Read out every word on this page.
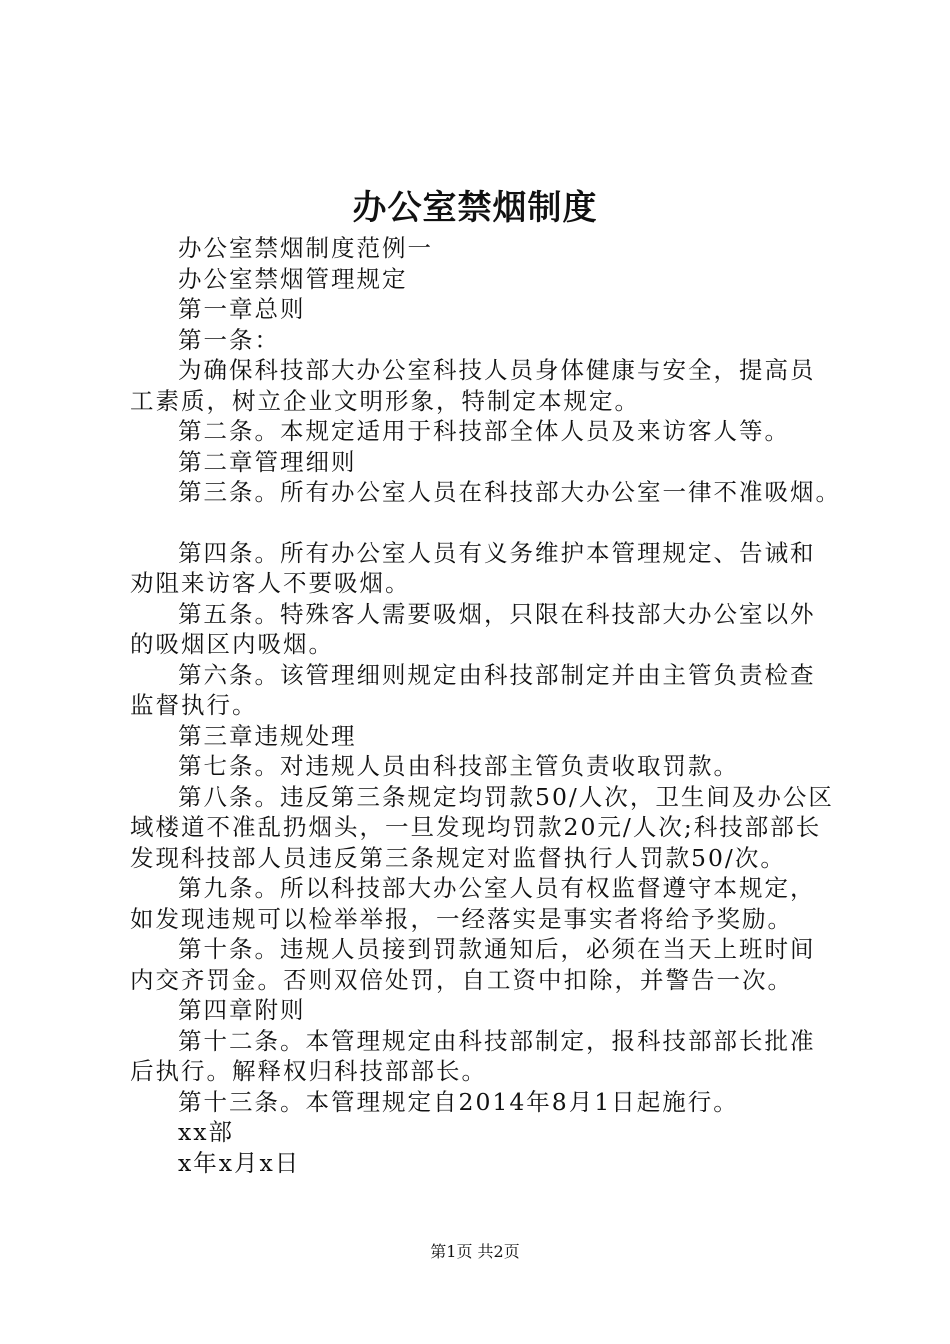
办公室禁烟制度

办公室禁烟制度范例一

办公室禁烟管理规定

第一章总则

第一条：

为确保科技部大办公室科技人员身体健康与安全，提高员工素质，树立企业文明形象，特制定本规定。

第二条。本规定适用于科技部全体人员及来访客人等。

第二章管理细则

第三条。所有办公室人员在科技部大办公室一律不准吸烟。

第四条。所有办公室人员有义务维护本管理规定、告诫和劝阻来访客人不要吸烟。

第五条。特殊客人需要吸烟，只限在科技部大办公室以外的吸烟区内吸烟。

第六条。该管理细则规定由科技部制定并由主管负责检查监督执行。

第三章违规处理

第七条。对违规人员由科技部主管负责收取罚款。

第八条。违反第三条规定均罚款50/人次，卫生间及办公区域楼道不准乱扔烟头，一旦发现均罚款20元/人次;科技部部长发现科技部人员违反第三条规定对监督执行人罚款50/次。

第九条。所以科技部大办公室人员有权监督遵守本规定，如发现违规可以检举举报，一经落实是事实者将给予奖励。

第十条。违规人员接到罚款通知后，必须在当天上班时间内交齐罚金。否则双倍处罚，自工资中扣除，并警告一次。

第四章附则

第十二条。本管理规定由科技部制定，报科技部部长批准后执行。解释权归科技部部长。

第十三条。本管理规定自2014年8月1日起施行。

xx部

x年x月x日

第1页 共2页
